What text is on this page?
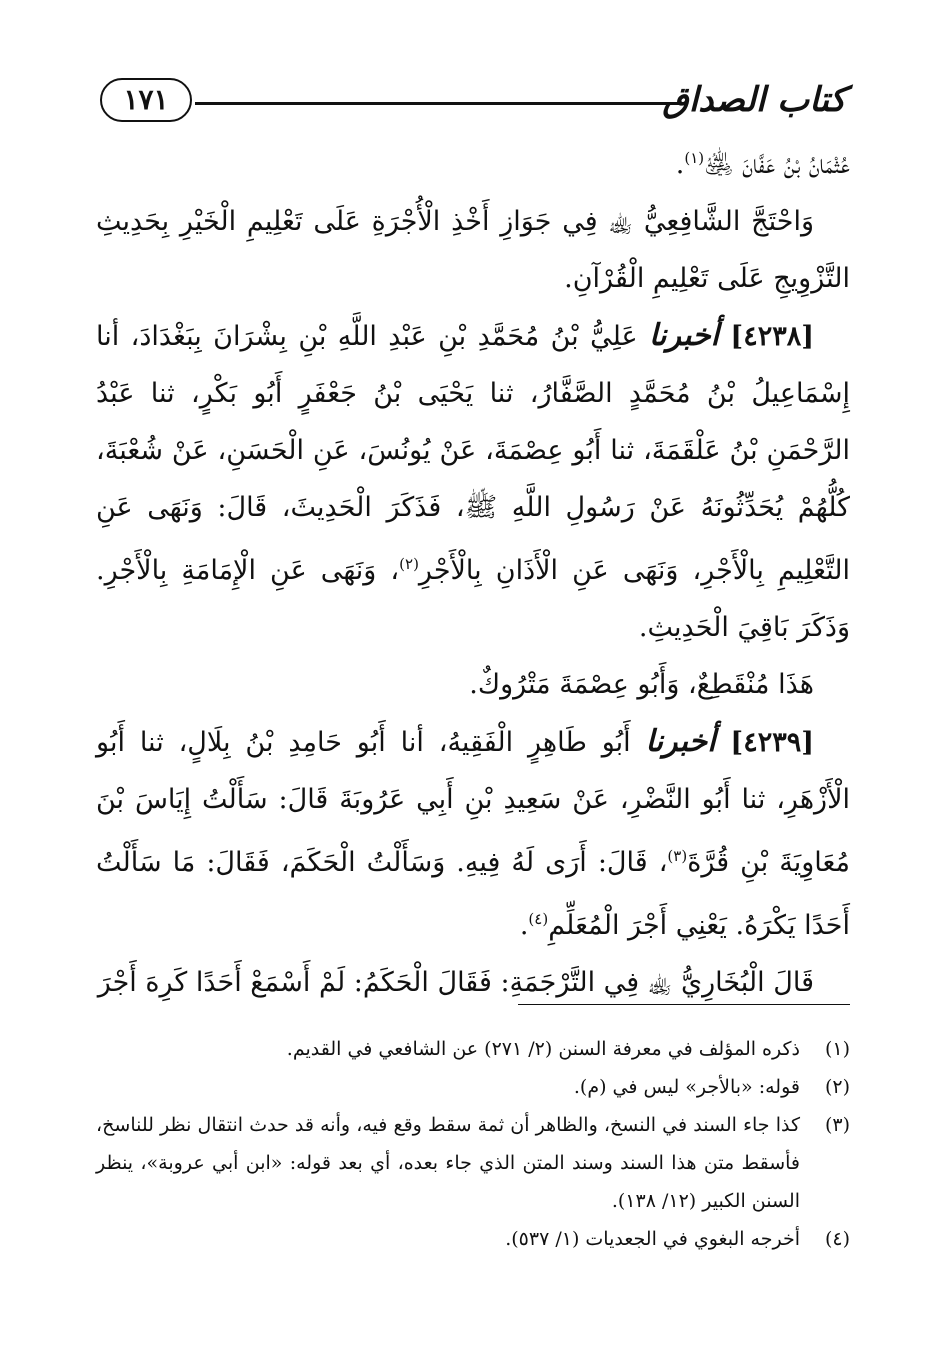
كتاب الصداق
١٧١

عُثْمَانُ بْنُ عَفَّانَ ﵁$^{(١)}$.

وَاحْتَجَّ الشَّافِعِيُّ ﵀ فِي جَوَازِ أَخْذِ الْأُجْرَةِ عَلَى تَعْلِيمِ الْخَيْرِ بِحَدِيثِ التَّزْوِيجِ عَلَى تَعْلِيمِ الْقُرْآنِ.

[٤٢٣٨] أخبرنا عَلِيُّ بْنُ مُحَمَّدِ بْنِ عَبْدِ اللَّهِ بْنِ بِشْرَانَ بِبَغْدَادَ، أنا إِسْمَاعِيلُ بْنُ مُحَمَّدٍ الصَّفَّارُ، ثنا يَحْيَى بْنُ جَعْفَرٍ أَبُو بَكْرٍ، ثنا عَبْدُ الرَّحْمَنِ بْنُ عَلْقَمَةَ، ثنا أَبُو عِصْمَةَ، عَنْ يُونُسَ، عَنِ الْحَسَنِ، عَنْ شُعْبَةَ، كُلُّهُمْ يُحَدِّثُونَهُ عَنْ رَسُولِ اللَّهِ ﷺ، فَذَكَرَ الْحَدِيثَ، قَالَ: وَنَهَى عَنِ التَّعْلِيمِ بِالْأَجْرِ، وَنَهَى عَنِ الْأَذَانِ بِالْأَجْرِ$^{(٢)}$، وَنَهَى عَنِ الْإِمَامَةِ بِالْأَجْرِ. وَذَكَرَ بَاقِيَ الْحَدِيثِ.

هَذَا مُنْقَطِعٌ، وَأَبُو عِصْمَةَ مَتْرُوكٌ.

[٤٢٣٩] أخبرنا أَبُو طَاهِرٍ الْفَقِيهُ، أنا أَبُو حَامِدِ بْنُ بِلَالٍ، ثنا أَبُو الْأَزْهَرِ، ثنا أَبُو النَّضْرِ، عَنْ سَعِيدِ بْنِ أَبِي عَرُوبَةَ قَالَ: سَأَلْتُ إِيَاسَ بْنَ مُعَاوِيَةَ بْنِ قُرَّةَ$^{(٣)}$، قَالَ: أَرَى لَهُ فِيهِ. وَسَأَلْتُ الْحَكَمَ، فَقَالَ: مَا سَأَلْتُ أَحَدًا يَكْرَهُ. يَعْنِي أَجْرَ الْمُعَلِّمِ$^{(٤)}$.

قَالَ الْبُخَارِيُّ ﵀ فِي التَّرْجَمَةِ: فَقَالَ الْحَكَمُ: لَمْ أَسْمَعْ أَحَدًا كَرِهَ أَجْرَ

(١)
ذكره المؤلف في معرفة السنن (٢/ ٢٧١) عن الشافعي في القديم.

(٢)
قوله: «بالأجر» ليس في (م).

(٣)
كذا جاء السند في النسخ، والظاهر أن ثمة سقط وقع فيه، وأنه قد حدث انتقال نظر للناسخ، فأسقط متن هذا السند وسند المتن الذي جاء بعده، أي بعد قوله: «ابن أبي عروبة»، ينظر السنن الكبير (١٢/ ١٣٨).

(٤)
أخرجه البغوي في الجعديات (١/ ٥٣٧).
